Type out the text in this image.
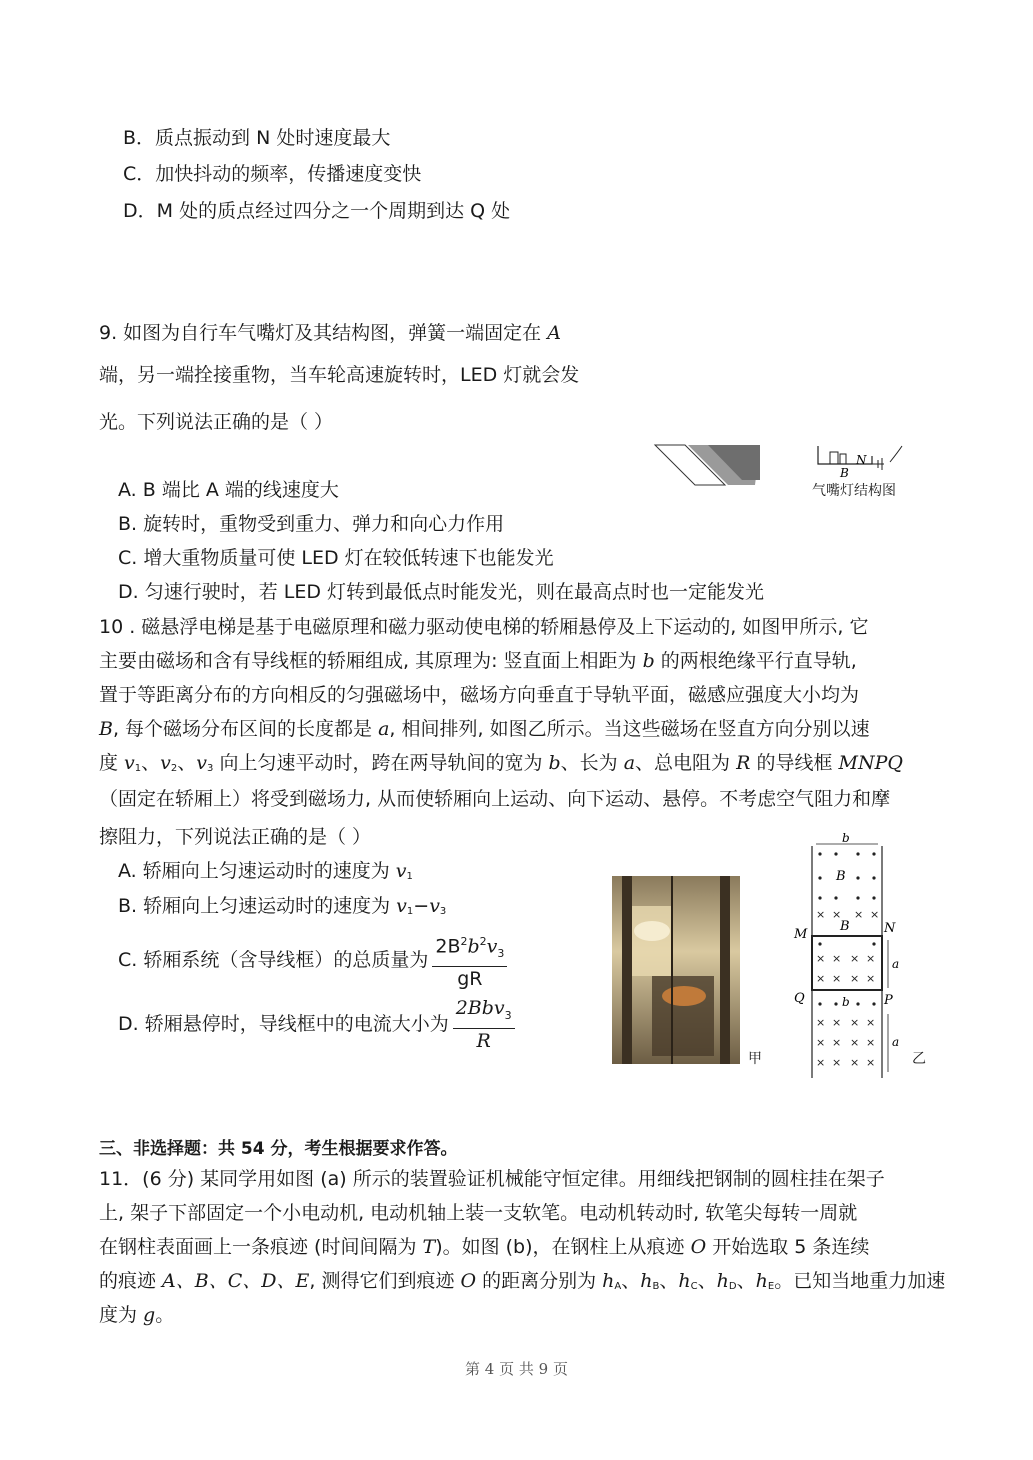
B．质点振动到 N 处时速度最大
C．加快抖动的频率，传播速度变快
D．M 处的质点经过四分之一个周期到达 Q 处
9. 如图为自行车气嘴灯及其结构图，弹簧一端固定在 A
端，另一端拴接重物，当车轮高速旋转时，LED 灯就会发
光。下列说法正确的是（ ）
N
B
气嘴灯结构图
A. B 端比 A 端的线速度大
B. 旋转时，重物受到重力、弹力和向心力作用
C. 增大重物质量可使 LED 灯在较低转速下也能发光
D. 匀速行驶时，若 LED 灯转到最低点时能发光，则在最高点时也一定能发光
10 . 磁悬浮电梯是基于电磁原理和磁力驱动使电梯的轿厢悬停及上下运动的, 如图甲所示, 它
主要由磁场和含有导线框的轿厢组成, 其原理为: 竖直面上相距为 b 的两根绝缘平行直导轨,
置于等距离分布的方向相反的匀强磁场中，磁场方向垂直于导轨平面，磁感应强度大小均为
B, 每个磁场分布区间的长度都是 a, 相间排列, 如图乙所示。当这些磁场在竖直方向分别以速
度 $v_1$、$v_2$、$v_3$ 向上匀速平动时，跨在两导轨间的宽为 b、长为 a、总电阻为 R 的导线框 MNPQ
（固定在轿厢上）将受到磁场力, 从而使轿厢向上运动、向下运动、悬停。不考虑空气阻力和摩
擦阻力，下列说法正确的是（ ）
A. 轿厢向上匀速运动时的速度为 $v_1$
B. 轿厢向上匀速运动时的速度为 $v_1-v_3$
C. 轿厢系统（含导线框）的总质量为 $\frac{2B^2b^2v_3}{gR}$
D. 轿厢悬停时，导线框中的电流大小为 $\frac{2Bbv_3}{R}$
甲
b
B
× × × ×
× × × ×
× × × ×
× × × ×
× × × ×
× × × ×
B
M	N
a
Q	P
b
a
乙
三、非选择题：共 54 分，考生根据要求作答。
11．(6 分) 某同学用如图 (a) 所示的装置验证机械能守恒定律。用细线把钢制的圆柱挂在架子
上, 架子下部固定一个小电动机, 电动机轴上装一支软笔。电动机转动时, 软笔尖每转一周就
在钢柱表面画上一条痕迹 (时间间隔为 T)。如图 (b)，在钢柱上从痕迹 O 开始选取 5 条连续
的痕迹 A、B、C、D、E, 测得它们到痕迹 O 的距离分别为 $h_A$、$h_B$、$h_C$、$h_D$、$h_E$。已知当地重力加速
度为 g。
第 4 页 共 9 页
